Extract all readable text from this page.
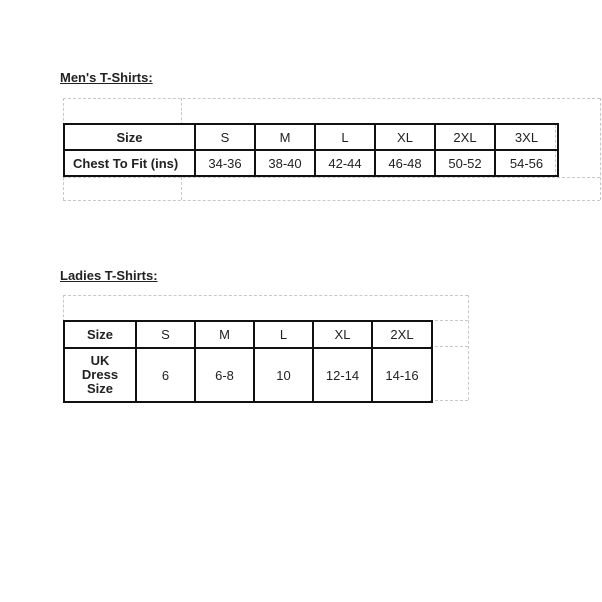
Men's T-Shirts:
Size	S	M	L	XL	2XL	3XL
Chest To Fit (ins)	34-36	38-40	42-44	46-48	50-52	54-56
Ladies T-Shirts:
Size	S	M	L	XL	2XL

UK
Dress
Size	6	6-8	10	12-14	14-16
